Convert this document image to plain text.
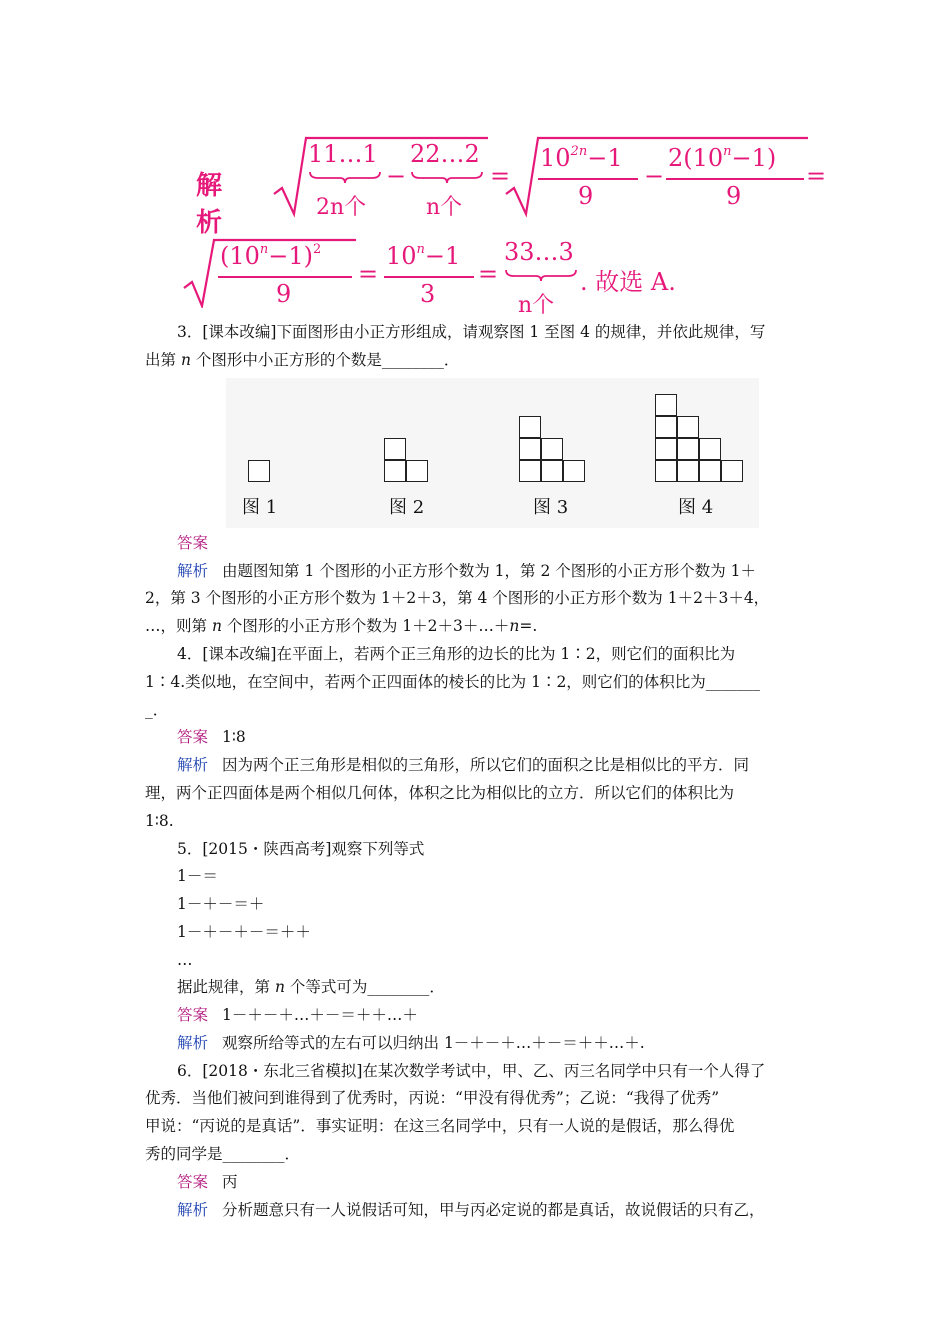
解析
11…1
2n个
−
22…2
n个
=
$10^{2n}-1$
9
−
$2(10^n-1)$
9
=
$(10^n-1)^2$
9
=
$10^n-1$
3
=
33…3
n个
. 故选 A.
3．[课本改编]下面图形由小正方形组成，请观察图 1 至图 4 的规律，并依此规律，写
出第 n 个图形中小正方形的个数是________．
图 1	图 2	图 3	图 4
答案
解析 由题图知第 1 个图形的小正方形个数为 1，第 2 个图形的小正方形个数为 1＋
2，第 3 个图形的小正方形个数为 1＋2＋3，第 4 个图形的小正方形个数为 1＋2＋3＋4，
…，则第 n 个图形的小正方形个数为 1＋2＋3＋…＋n=.
4．[课本改编]在平面上，若两个正三角形的边长的比为 1∶2，则它们的面积比为
1∶4.类似地，在空间中，若两个正四面体的棱长的比为 1∶2，则它们的体积比为_______
_．
答案 1∶8
解析 因为两个正三角形是相似的三角形，所以它们的面积之比是相似比的平方．同
理，两个正四面体是两个相似几何体，体积之比为相似比的立方．所以它们的体积比为
1∶8.
5．[2015・陕西高考]观察下列等式
1－＝
1－＋－＝＋
1－＋－＋－＝＋＋
…
据此规律，第 n 个等式可为________．
答案 1－＋－＋…＋－＝＋＋…＋
解析 观察所给等式的左右可以归纳出 1－＋－＋…＋－＝＋＋…＋.
6．[2018・东北三省模拟]在某次数学考试中，甲、乙、丙三名同学中只有一个人得了
优秀．当他们被问到谁得到了优秀时，丙说：“甲没有得优秀”；乙说：“我得了优秀”
甲说：“丙说的是真话”．事实证明：在这三名同学中，只有一人说的是假话，那么得优
秀的同学是________．
答案 丙
解析 分析题意只有一人说假话可知，甲与丙必定说的都是真话，故说假话的只有乙，
